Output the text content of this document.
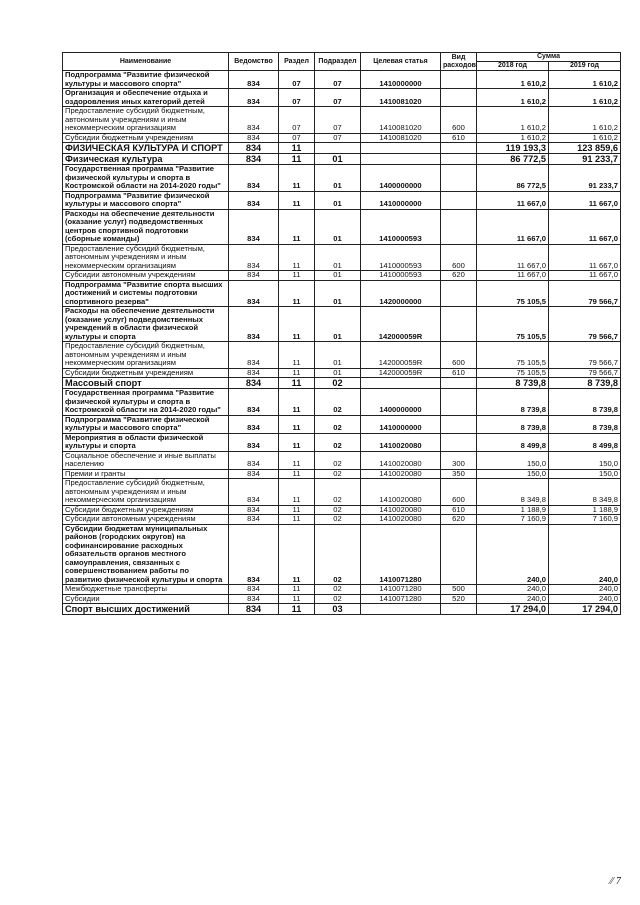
Наименование	Ведомство	Раздел	Подраздел	Целевая статья	Вид расходов	Сумма	
						2018 год	2019 год
Подпрограмма "Развитие физической культуры и массового спорта"	834	07	07	1410000000		1 610,2	1 610,2
Организация и обеспечение отдыха и оздоровления иных категорий детей	834	07	07	1410081020		1 610,2	1 610,2
Предоставление субсидий бюджетным, автономным учреждениям и иным некоммерческим организациям	834	07	07	1410081020	600	1 610,2	1 610,2
Субсидии бюджетным учреждениям	834	07	07	1410081020	610	1 610,2	1 610,2
ФИЗИЧЕСКАЯ КУЛЬТУРА И СПОРТ	834	11				119 193,3	123 859,6
Физическая культура	834	11	01			86 772,5	91 233,7
Государственная программа "Развитие физической культуры и спорта в Костромской области на 2014-2020 годы"	834	11	01	1400000000		86 772,5	91 233,7
Подпрограмма "Развитие физической культуры и массового спорта"	834	11	01	1410000000		11 667,0	11 667,0
Расходы на обеспечение деятельности (оказание услуг) подведомственных центров спортивной подготовки (сборные команды)	834	11	01	141000059З		11 667,0	11 667,0
Предоставление субсидий бюджетным, автономным учреждениям и иным некоммерческим организациям	834	11	01	141000059З	600	11 667,0	11 667,0
Субсидии автономным учреждениям	834	11	01	141000059З	620	11 667,0	11 667,0
Подпрограмма "Развитие спорта высших достижений и системы подготовки спортивного резерва"	834	11	01	1420000000		75 105,5	79 566,7
Расходы на обеспечение деятельности (оказание услуг) подведомственных учреждений в области физической культуры и спорта	834	11	01	142000059R		75 105,5	79 566,7
Предоставление субсидий бюджетным, автономным учреждениям и иным некоммерческим организациям	834	11	01	142000059R	600	75 105,5	79 566,7
Субсидии бюджетным учреждениям	834	11	01	142000059R	610	75 105,5	79 566,7
Массовый спорт	834	11	02			8 739,8	8 739,8
Государственная программа "Развитие физической культуры и спорта в Костромской области на 2014-2020 годы"	834	11	02	1400000000		8 739,8	8 739,8
Подпрограмма "Развитие физической культуры и массового спорта"	834	11	02	1410000000		8 739,8	8 739,8
Мероприятия в области физической культуры и спорта	834	11	02	1410020080		8 499,8	8 499,8
Социальное обеспечение и иные выплаты населению	834	11	02	1410020080	300	150,0	150,0
Премии и гранты	834	11	02	1410020080	350	150,0	150,0
Предоставление субсидий бюджетным, автономным учреждениям и иным некоммерческим организациям	834	11	02	1410020080	600	8 349,8	8 349,8
Субсидии бюджетным учреждениям	834	11	02	1410020080	610	1 188,9	1 188,9
Субсидии автономным учреждениям	834	11	02	1410020080	620	7 160,9	7 160,9
Субсидии бюджетам муниципальных районов (городских округов) на софинансирование расходных обязательств органов местного самоуправления, связанных с совершенствованием работы по развитию физической культуры и спорта	834	11	02	1410071280		240,0	240,0
Межбюджетные трансферты	834	11	02	1410071280	500	240,0	240,0
Субсидии	834	11	02	1410071280	520	240,0	240,0
Спорт высших достижений	834	11	03			17 294,0	17 294,0
⁄⁄ 7
